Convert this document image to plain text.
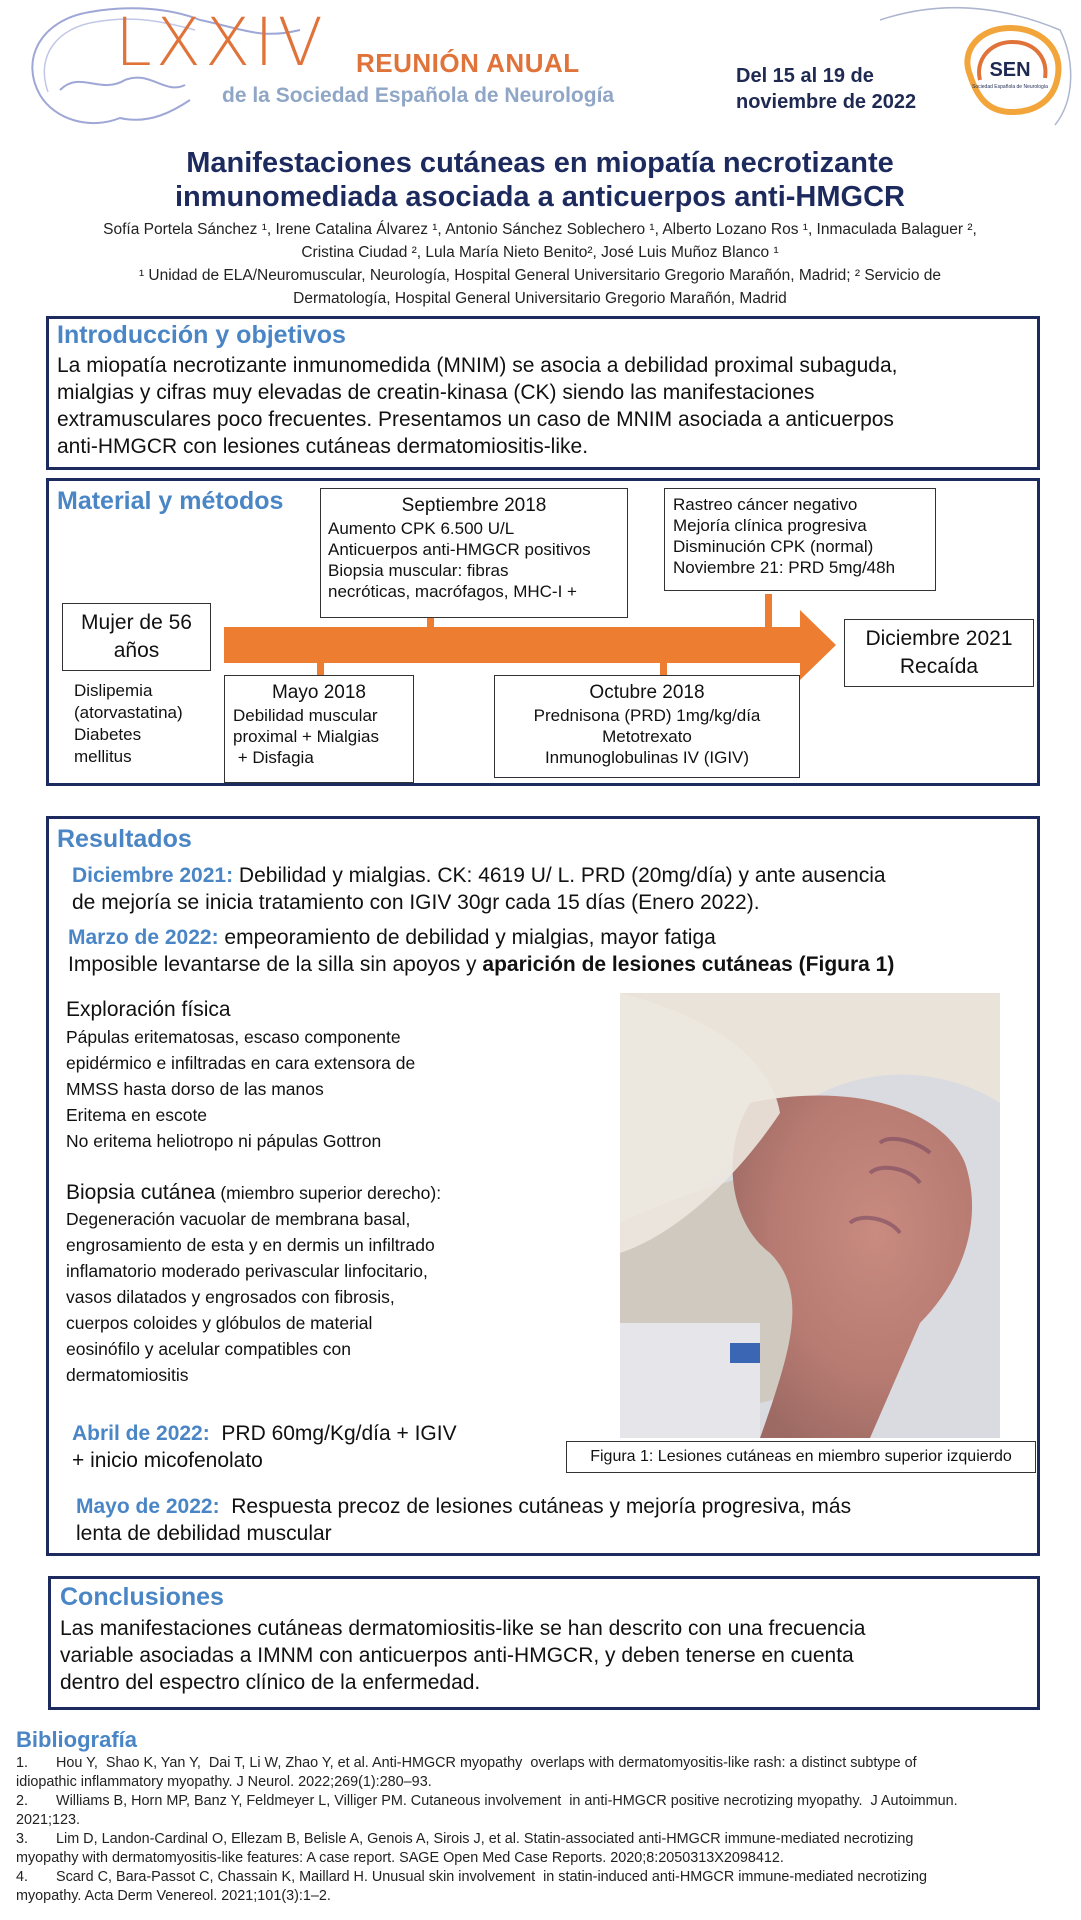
LXXIV REUNIÓN ANUAL
de la Sociedad Española de Neurología
Del 15 al 19 de
noviembre de 2022
SEN
Sociedad Española de Neurología
Manifestaciones cutáneas en miopatía necrotizante
inmunomediada asociada a anticuerpos anti-HMGCR
Sofía Portela Sánchez ¹, Irene Catalina Álvarez ¹, Antonio Sánchez Soblechero ¹, Alberto Lozano Ros ¹, Inmaculada Balaguer ²,
Cristina Ciudad ², Lula María Nieto Benito², José Luis Muñoz Blanco ¹
¹ Unidad de ELA/Neuromuscular, Neurología, Hospital General Universitario Gregorio Marañón, Madrid; ² Servicio de
Dermatología, Hospital General Universitario Gregorio Marañón, Madrid
Introducción y objetivos
La miopatía necrotizante inmunomedida (MNIM) se asocia a debilidad proximal subaguda,
mialgias y cifras muy elevadas de creatin-kinasa (CK) siendo las manifestaciones
extramusculares poco frecuentes. Presentamos un caso de MNIM asociada a anticuerpos
anti-HMGCR con lesiones cutáneas dermatomiositis-like.
Material y métodos
Mujer de 56
años
Dislipemia
(atorvastatina)
Diabetes
mellitus
Septiembre 2018
Aumento CPK 6.500 U/L
Anticuerpos anti-HMGCR positivos
Biopsia muscular: fibras
necróticas, macrófagos, MHC-I +
Rastreo cáncer negativo
Mejoría clínica progresiva
Disminución CPK (normal)
Noviembre 21: PRD 5mg/48h
Mayo 2018
Debilidad muscular
proximal + Mialgias
+ Disfagia
Octubre 2018
Prednisona (PRD) 1mg/kg/día
Metotrexato
Inmunoglobulinas IV (IGIV)
Diciembre 2021
Recaída
Resultados
Diciembre 2021: Debilidad y mialgias. CK: 4619 U/ L. PRD (20mg/día) y ante ausencia
de mejoría se inicia tratamiento con IGIV 30gr cada 15 días (Enero 2022).
Marzo de 2022: empeoramiento de debilidad y mialgias, mayor fatiga
Imposible levantarse de la silla sin apoyos y aparición de lesiones cutáneas (Figura 1)
Exploración física
Pápulas eritematosas, escaso componente
epidérmico e infiltradas en cara extensora de
MMSS hasta dorso de las manos
Eritema en escote
No eritema heliotropo ni pápulas Gottron
Biopsia cutánea (miembro superior derecho):
Degeneración vacuolar de membrana basal,
engrosamiento de esta y en dermis un infiltrado
inflamatorio moderado perivascular linfocitario,
vasos dilatados y engrosados con fibrosis,
cuerpos coloides y glóbulos de material
eosinófilo y acelular compatibles con
dermatomiositis
Figura 1: Lesiones cutáneas en miembro superior izquierdo
Abril de 2022:  PRD 60mg/Kg/día + IGIV
+ inicio micofenolato
Mayo de 2022:  Respuesta precoz de lesiones cutáneas y mejoría progresiva, más
lenta de debilidad muscular
Conclusiones
Las manifestaciones cutáneas dermatomiositis-like se han descrito con una frecuencia
variable asociadas a IMNM con anticuerpos anti-HMGCR, y deben tenerse en cuenta
dentro del espectro clínico de la enfermedad.
Bibliografía
1.       Hou Y,  Shao K, Yan Y,  Dai T, Li W, Zhao Y, et al. Anti-HMGCR myopathy  overlaps with dermatomyositis-like rash: a distinct subtype of
idiopathic inflammatory myopathy. J Neurol. 2022;269(1):280–93.
2.       Williams B, Horn MP, Banz Y, Feldmeyer L, Villiger PM. Cutaneous involvement  in anti-HMGCR positive necrotizing myopathy.  J Autoimmun.
2021;123.
3.       Lim D, Landon-Cardinal O, Ellezam B, Belisle A, Genois A, Sirois J, et al. Statin-associated anti-HMGCR immune-mediated necrotizing
myopathy with dermatomyositis-like features: A case report. SAGE Open Med Case Reports. 2020;8:2050313X2098412.
4.       Scard C, Bara-Passot C, Chassain K, Maillard H. Unusual skin involvement  in statin-induced anti-HMGCR immune-mediated necrotizing
myopathy. Acta Derm Venereol. 2021;101(3):1–2.
